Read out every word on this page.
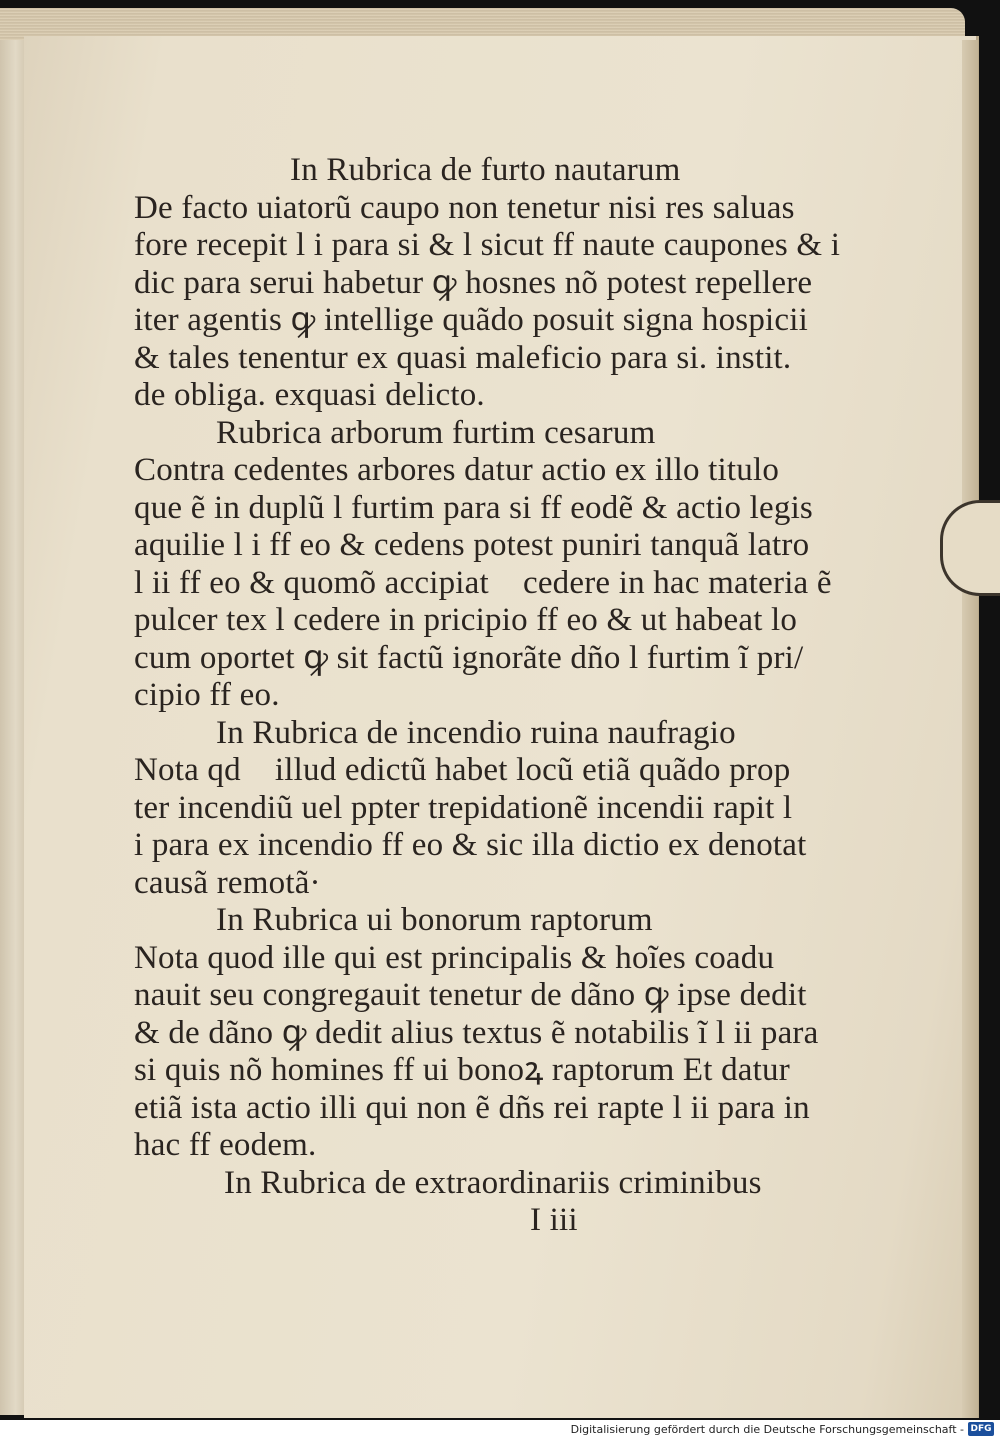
In Rubrica de furto nautarum
De facto uiatorũ caupo non tenetur nisi res saluas
fore recepit l i para si & l sicut ff naute caupones & i
dic para serui habetur ꝙ hosnes nõ potest repellere
iter agentis ꝙ intellige quãdo posuit signa hospicii
& tales tenentur ex quasi maleficio para si. instit.
de obliga. exquasi delicto.
Rubrica arborum furtim cesarum
Contra cedentes arbores datur actio ex illo titulo
que ẽ in duplũ l furtim para si ff eodẽ & actio legis
aquilie l i ff eo & cedens potest puniri tanquã latro
l ii ff eo & quomõ accipiatᷓ cedere in hac materia ẽ
pulcer tex l cedere in pricipio ff eo & ut habeat lo
cum oportet ꝙ sit factũ ignorãte dño l furtim ĩ pri/
cipio ff eo.
In Rubrica de incendio ruina naufragio
Nota qd᷑ illud edictũ habet locũ etiã quãdo prop
ter incendiũ uel ppter trepidationẽ incendii rapit l
i para ex incendio ff eo & sic illa dictio ex denotat
causã remotã·
In Rubrica ui bonorum raptorum
Nota quod ille qui est principalis & hoĩes coadu
nauit seu congregauit tenetur de dãno ꝙ ipse dedit
& de dãno ꝙ dedit alius textus ẽ notabilis ĩ l ii para
si quis nõ homines ff ui bonoꝝ raptorum Et datur
etiã ista actio illi qui non ẽ dñs rei rapte l ii para in
hac ff eodem.
In Rubrica de extraordinariis criminibus
I iii
Digitalisierung gefördert durch die Deutsche Forschungsgemeinschaft - DFG
